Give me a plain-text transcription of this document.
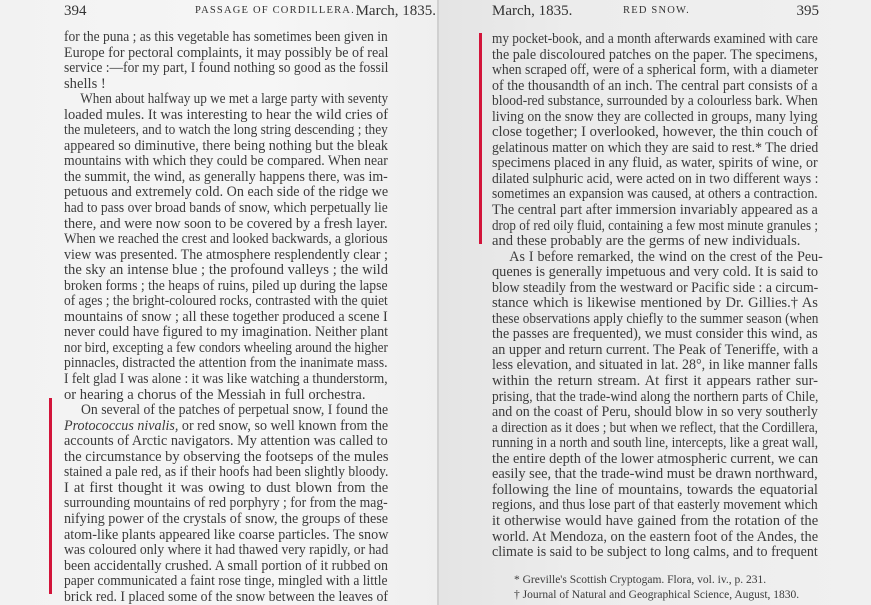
394	PASSAGE OF CORDILLERA. March, 1835.
for the puna ; as this vegetable has sometimes been given in
Europe for pectoral complaints, it may possibly be of real
service :—for my part, I found nothing so good as the fossil
shells !
When about halfway up we met a large party with seventy
loaded mules. It was interesting to hear the wild cries of
the muleteers, and to watch the long string descending ; they
appeared so diminutive, there being nothing but the bleak
mountains with which they could be compared. When near
the summit, the wind, as generally happens there, was im-
petuous and extremely cold. On each side of the ridge we
had to pass over broad bands of snow, which perpetually lie
there, and were now soon to be covered by a fresh layer.
When we reached the crest and looked backwards, a glorious
view was presented. The atmosphere resplendently clear ;
the sky an intense blue ; the profound valleys ; the wild
broken forms ; the heaps of ruins, piled up during the lapse
of ages ; the bright-coloured rocks, contrasted with the quiet
mountains of snow ; all these together produced a scene I
never could have figured to my imagination. Neither plant
nor bird, excepting a few condors wheeling around the higher
pinnacles, distracted the attention from the inanimate mass.
I felt glad I was alone : it was like watching a thunderstorm,
or hearing a chorus of the Messiah in full orchestra.
On several of the patches of perpetual snow, I found the
Protococcus nivalis, or red snow, so well known from the
accounts of Arctic navigators. My attention was called to
the circumstance by observing the footseps of the mules
stained a pale red, as if their hoofs had been slightly bloody.
I at first thought it was owing to dust blown from the
surrounding mountains of red porphyry ; for from the mag-
nifying power of the crystals of snow, the groups of these
atom-like plants appeared like coarse particles. The snow
was coloured only where it had thawed very rapidly, or had
been accidentally crushed. A small portion of it rubbed on
paper communicated a faint rose tinge, mingled with a little
brick red. I placed some of the snow between the leaves of
March, 1835.	RED SNOW.	395
my pocket-book, and a month afterwards examined with care
the pale discoloured patches on the paper. The specimens,
when scraped off, were of a spherical form, with a diameter
of the thousandth of an inch. The central part consists of a
blood-red substance, surrounded by a colourless bark. When
living on the snow they are collected in groups, many lying
close together; I overlooked, however, the thin couch of
gelatinous matter on which they are said to rest.* The dried
specimens placed in any fluid, as water, spirits of wine, or
dilated sulphuric acid, were acted on in two different ways :
sometimes an expansion was caused, at others a contraction.
The central part after immersion invariably appeared as a
drop of red oily fluid, containing a few most minute granules ;
and these probably are the germs of new individuals.
As I before remarked, the wind on the crest of the Peu-
quenes is generally impetuous and very cold. It is said to
blow steadily from the westward or Pacific side : a circum-
stance which is likewise mentioned by Dr. Gillies.† As
these observations apply chiefly to the summer season (when
the passes are frequented), we must consider this wind, as
an upper and return current. The Peak of Teneriffe, with a
less elevation, and situated in lat. 28°, in like manner falls
within the return stream. At first it appears rather sur-
prising, that the trade-wind along the northern parts of Chile,
and on the coast of Peru, should blow in so very southerly
a direction as it does ; but when we reflect, that the Cordillera,
running in a north and south line, intercepts, like a great wall,
the entire depth of the lower atmospheric current, we can
easily see, that the trade-wind must be drawn northward,
following the line of mountains, towards the equatorial
regions, and thus lose part of that easterly movement which
it otherwise would have gained from the rotation of the
world. At Mendoza, on the eastern foot of the Andes, the
climate is said to be subject to long calms, and to frequent
* Greville's Scottish Cryptogam. Flora, vol. iv., p. 231.
† Journal of Natural and Geographical Science, August, 1830.
